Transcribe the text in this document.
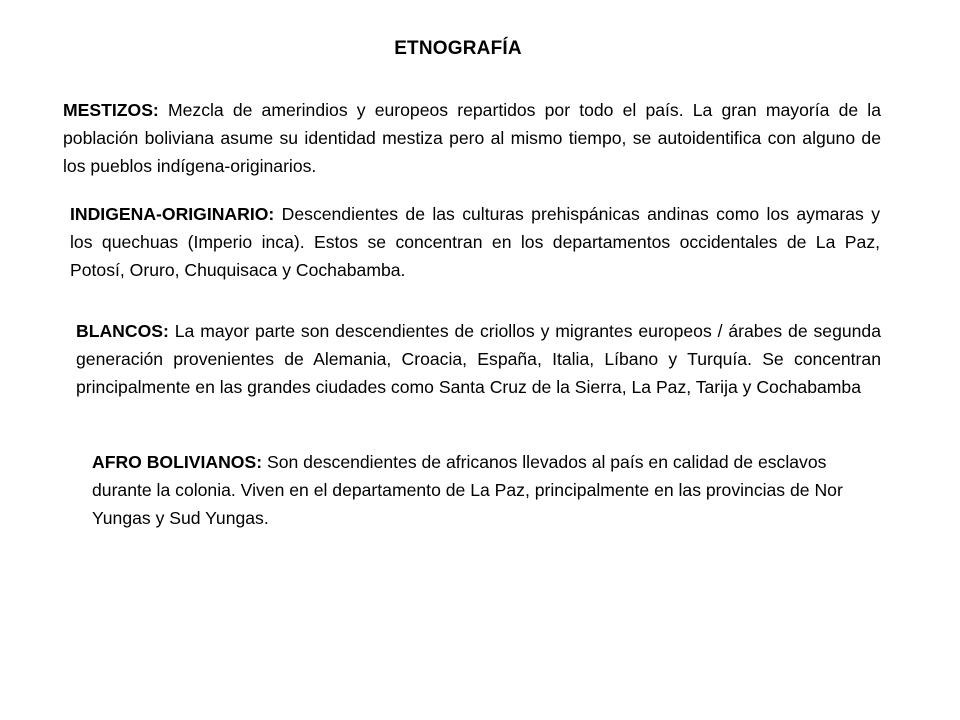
ETNOGRAFÍA

MESTIZOS: Mezcla de amerindios y europeos repartidos por todo el país. La gran mayoría de la población boliviana asume su identidad mestiza pero al mismo tiempo, se autoidentifica con alguno de los pueblos indígena-originarios.

INDIGENA-ORIGINARIO: Descendientes de las culturas prehispánicas andinas como los aymaras y los quechuas (Imperio inca). Estos se concentran en los departamentos occidentales de La Paz, Potosí, Oruro, Chuquisaca y Cochabamba.

BLANCOS: La mayor parte son descendientes de criollos y migrantes europeos / árabes de segunda generación provenientes de Alemania, Croacia, España, Italia, Líbano y Turquía. Se concentran principalmente en las grandes ciudades como Santa Cruz de la Sierra, La Paz, Tarija y Cochabamba

AFRO BOLIVIANOS: Son descendientes de africanos llevados al país en calidad de esclavos durante la colonia. Viven en el departamento de La Paz, principalmente en las provincias de Nor Yungas y Sud Yungas.
